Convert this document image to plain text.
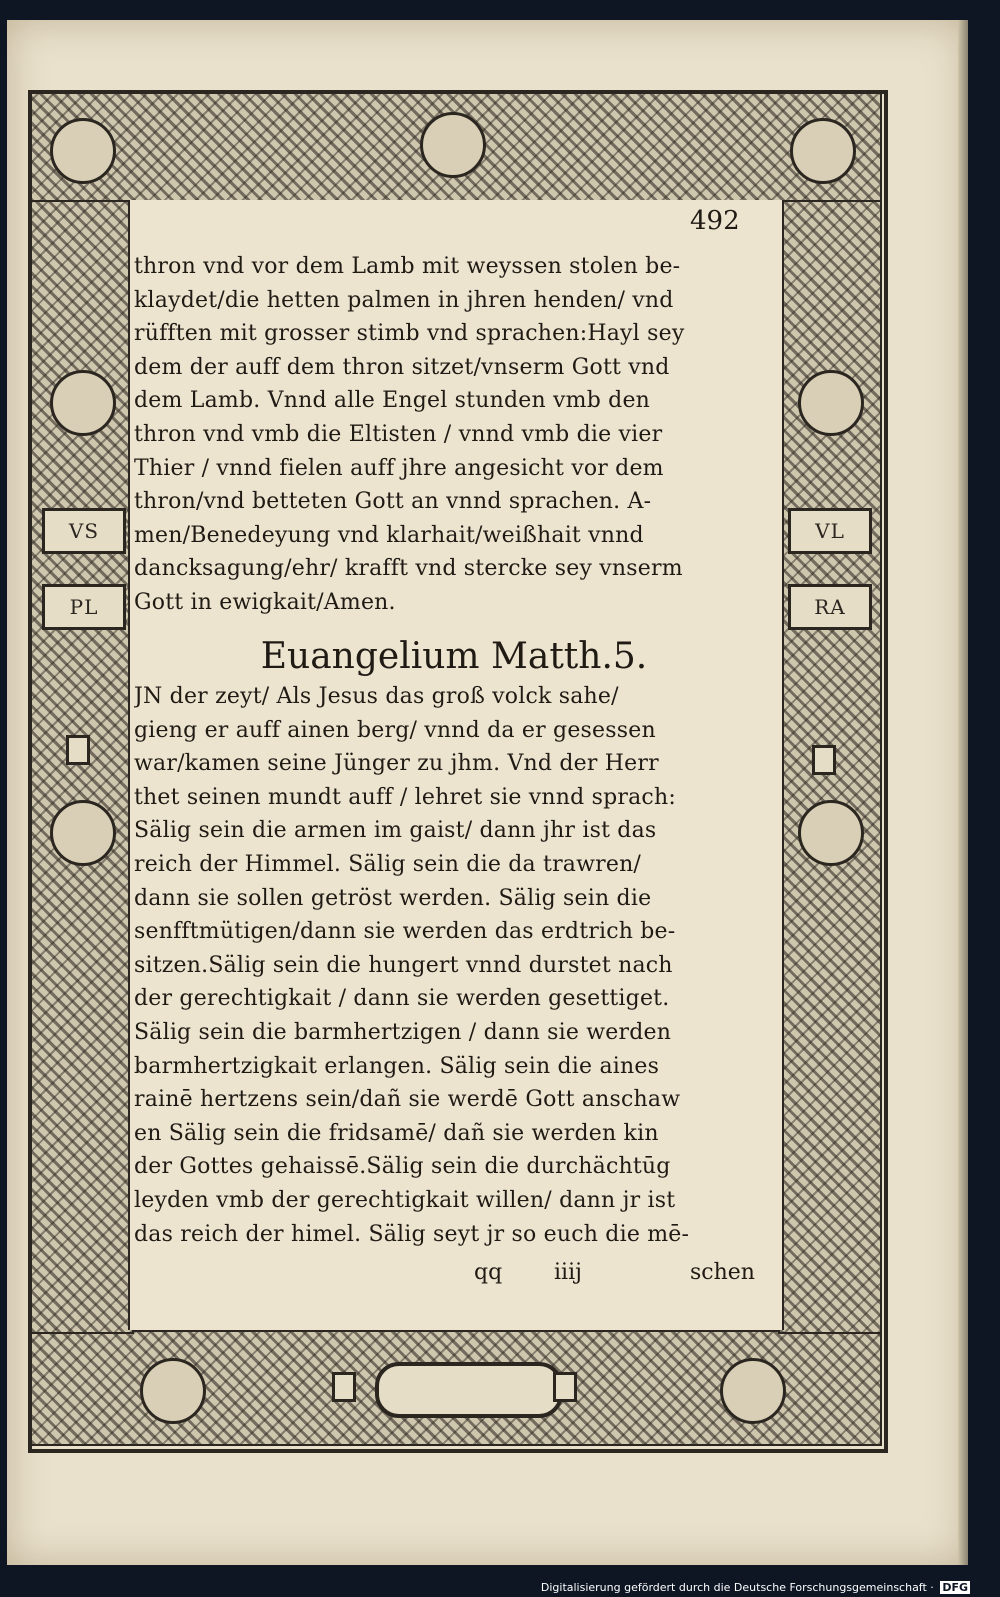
VS
PL
VL
RA
492
thron vnd vor dem Lamb mit weyssen stolen be-
klaydet/die hetten palmen in jhren henden/ vnd
rüfften mit grosser stimb vnd sprachen:Hayl sey
dem der auff dem thron sitzet/vnserm Gott vnd
dem Lamb. Vnnd alle Engel stunden vmb den
thron vnd vmb die Eltisten / vnnd vmb die vier
Thier / vnnd fielen auff jhre angesicht vor dem
thron/vnd betteten Gott an vnnd sprachen. A-
men/Benedeyung vnd klarhait/weißhait vnnd
dancksagung/ehr/ krafft vnd stercke sey vnserm
Gott in ewigkait/Amen.
Euangelium Matth.5.
JN der zeyt/ Als Jesus das groß volck sahe/
gieng er auff ainen berg/ vnnd da er gesessen
war/kamen seine Jünger zu jhm. Vnd der Herr
thet seinen mundt auff / lehret sie vnnd sprach:
Sälig sein die armen im gaist/ dann jhr ist das
reich der Himmel. Sälig sein die da trawren/
dann sie sollen getröst werden. Sälig sein die
senfftmütigen/dann sie werden das erdtrich be-
sitzen.Sälig sein die hungert vnnd durstet nach
der gerechtigkait / dann sie werden gesettiget.
Sälig sein die barmhertzigen / dann sie werden
barmhertzigkait erlangen. Sälig sein die aines
rainē hertzens sein/dañ sie werdē Gott anschaw
en Sälig sein die fridsamē/ dañ sie werden kin
der Gottes gehaissē.Sälig sein die durchächtūg
leyden vmb der gerechtigkait willen/ dann jr ist
das reich der himel. Sälig seyt jr so euch die mē-
qq iiij	schen
Digitalisierung gefördert durch die Deutsche Forschungsgemeinschaft · DFG
